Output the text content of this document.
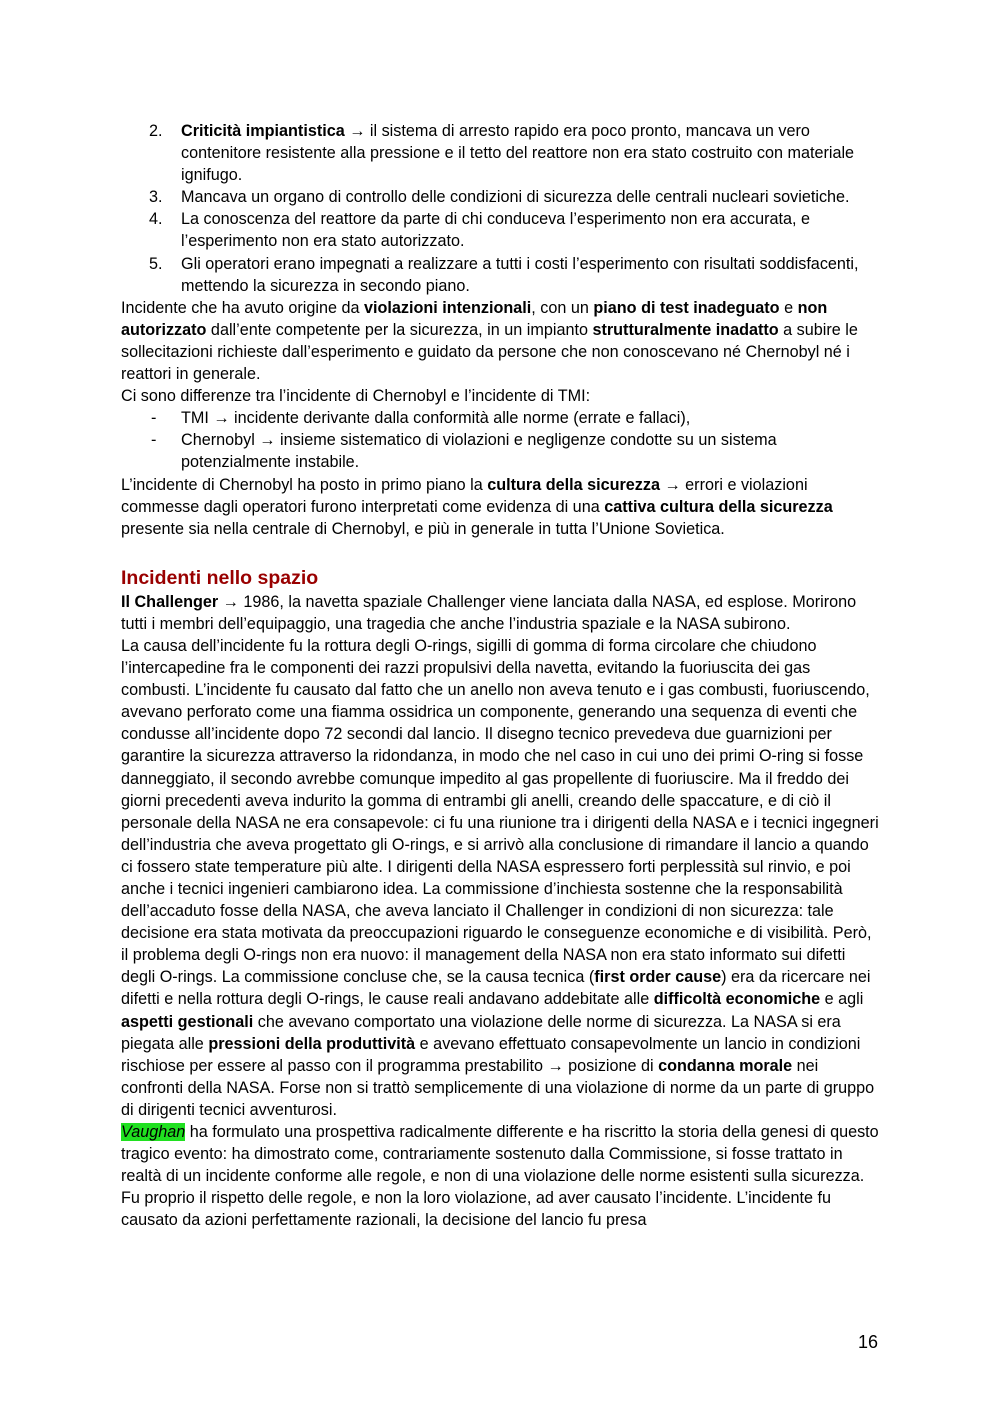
2. Criticità impiantistica → il sistema di arresto rapido era poco pronto, mancava un vero contenitore resistente alla pressione e il tetto del reattore non era stato costruito con materiale ignifugo.
3. Mancava un organo di controllo delle condizioni di sicurezza delle centrali nucleari sovietiche.
4. La conoscenza del reattore da parte di chi conduceva l’esperimento non era accurata, e l’esperimento non era stato autorizzato.
5. Gli operatori erano impegnati a realizzare a tutti i costi l’esperimento con risultati soddisfacenti, mettendo la sicurezza in secondo piano.

Incidente che ha avuto origine da violazioni intenzionali, con un piano di test inadeguato e non autorizzato dall’ente competente per la sicurezza, in un impianto strutturalmente inadatto a subire le sollecitazioni richieste dall’esperimento e guidato da persone che non conoscevano né Chernobyl né i reattori in generale.

Ci sono differenze tra l’incidente di Chernobyl e l’incidente di TMI:

- TMI → incidente derivante dalla conformità alle norme (errate e fallaci),
- Chernobyl → insieme sistematico di violazioni e negligenze condotte su un sistema potenzialmente instabile.

L’incidente di Chernobyl ha posto in primo piano la cultura della sicurezza → errori e violazioni commesse dagli operatori furono interpretati come evidenza di una cattiva cultura della sicurezza presente sia nella centrale di Chernobyl, e più in generale in tutta l’Unione Sovietica.

Incidenti nello spazio

Il Challenger → 1986, la navetta spaziale Challenger viene lanciata dalla NASA, ed esplose. Morirono tutti i membri dell’equipaggio, una tragedia che anche l’industria spaziale e la NASA subirono.

La causa dell’incidente fu la rottura degli O-rings, sigilli di gomma di forma circolare che chiudono l’intercapedine fra le componenti dei razzi propulsivi della navetta, evitando la fuoriuscita dei gas combusti. L’incidente fu causato dal fatto che un anello non aveva tenuto e i gas combusti, fuoriuscendo, avevano perforato come una fiamma ossidrica un componente, generando una sequenza di eventi che condusse all’incidente dopo 72 secondi dal lancio. Il disegno tecnico prevedeva due guarnizioni per garantire la sicurezza attraverso la ridondanza, in modo che nel caso in cui uno dei primi O-ring si fosse danneggiato, il secondo avrebbe comunque impedito al gas propellente di fuoriuscire. Ma il freddo dei giorni precedenti aveva indurito la gomma di entrambi gli anelli, creando delle spaccature, e di ciò il personale della NASA ne era consapevole: ci fu una riunione tra i dirigenti della NASA e i tecnici ingegneri dell’industria che aveva progettato gli O-rings, e si arrivò alla conclusione di rimandare il lancio a quando ci fossero state temperature più alte. I dirigenti della NASA espressero forti perplessità sul rinvio, e poi anche i tecnici ingenieri cambiarono idea. La commissione d’inchiesta sostenne che la responsabilità dell’accaduto fosse della NASA, che aveva lanciato il Challenger in condizioni di non sicurezza: tale decisione era stata motivata da preoccupazioni riguardo le conseguenze economiche e di visibilità. Però, il problema degli O-rings non era nuovo: il management della NASA non era stato informato sui difetti degli O-rings. La commissione concluse che, se la causa tecnica (first order cause) era da ricercare nei difetti e nella rottura degli O-rings, le cause reali andavano addebitate alle difficoltà economiche e agli aspetti gestionali che avevano comportato una violazione delle norme di sicurezza. La NASA si era piegata alle pressioni della produttività e avevano effettuato consapevolmente un lancio in condizioni rischiose per essere al passo con il programma prestabilito → posizione di condanna morale nei confronti della NASA. Forse non si trattò semplicemente di una violazione di norme da un parte di gruppo di dirigenti tecnici avventurosi.

Vaughan ha formulato una prospettiva radicalmente differente e ha riscritto la storia della genesi di questo tragico evento: ha dimostrato come, contrariamente sostenuto dalla Commissione, si fosse trattato in realtà di un incidente conforme alle regole, e non di una violazione delle norme esistenti sulla sicurezza. Fu proprio il rispetto delle regole, e non la loro violazione, ad aver causato l’incidente. L’incidente fu causato da azioni perfettamente razionali, la decisione del lancio fu presa

16
